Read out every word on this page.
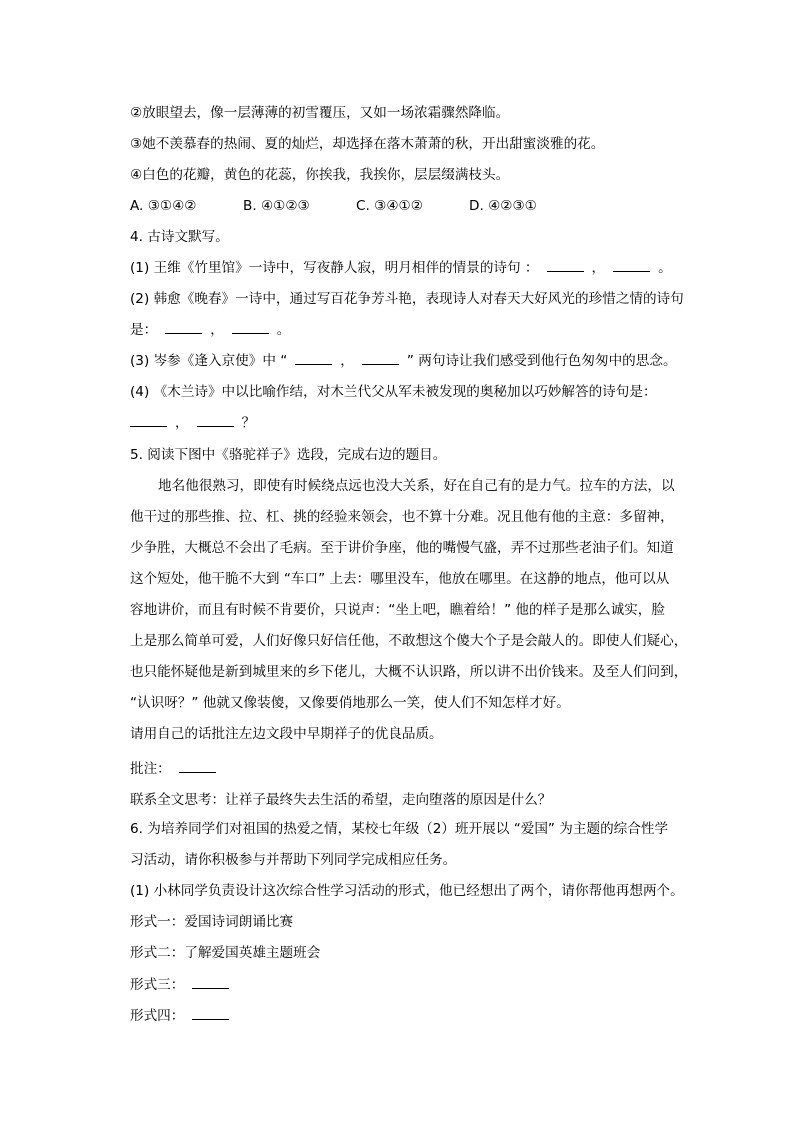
②放眼望去，像一层薄薄的初雪覆压，又如一场浓霜骤然降临。
③她不羡慕春的热闹、夏的灿烂，却选择在落木萧萧的秋，开出甜蜜淡雅的花。
④白色的花瓣，黄色的花蕊，你挨我，我挨你，层层缀满枝头。
A. ③①④②	B. ④①②③	C. ③④①②	D. ④②③①
4. 古诗文默写。
(1) 王维《竹里馆》一诗中，写夜静人寂，明月相伴的情景的诗句 ：	，	。
(2) 韩愈《晚春》一诗中，通过写百花争芳斗艳，表现诗人对春天大好风光的珍惜之情的诗句
是：	，	。
(3) 岑参《逢入京使》中 “	，	” 两句诗让我们感受到他行色匆匆中的思念。
(4) 《木兰诗》中以比喻作结，对木兰代父从军未被发现的奥秘加以巧妙解答的诗句是：
，	？
5. 阅读下图中《骆驼祥子》选段，完成右边的题目。
地名他很熟习，即使有时候绕点远也没大关系，好在自己有的是力气。拉车的方法，以
他干过的那些推、拉、杠、挑的经验来领会，也不算十分难。况且他有他的主意：多留神，
少争胜，大概总不会出了毛病。至于讲价争座，他的嘴慢气盛，弄不过那些老油子们。知道
这个短处，他干脆不大到 “车口” 上去：哪里没车，他放在哪里。在这静的地点，他可以从
容地讲价，而且有时候不肯要价，只说声：“坐上吧，瞧着给！” 他的样子是那么诚实，脸
上是那么简单可爱，人们好像只好信任他，不敢想这个傻大个子是会敲人的。即使人们疑心，
也只能怀疑他是新到城里来的乡下佬儿，大概不认识路，所以讲不出价钱来。及至人们问到，
“认识呀？” 他就又像装傻，又像要俏地那么一笑，使人们不知怎样才好。
请用自己的话批注左边文段中早期祥子的优良品质。
批注：
联系全文思考：让祥子最终失去生活的希望，走向堕落的原因是什么？
6. 为培养同学们对祖国的热爱之情，某校七年级（2）班开展以 “爱国” 为主题的综合性学
习活动，请你积极参与并帮助下列同学完成相应任务。
(1) 小林同学负责设计这次综合性学习活动的形式，他已经想出了两个，请你帮他再想两个。
形式一：爱国诗词朗诵比赛
形式二：了解爱国英雄主题班会
形式三：
形式四：
